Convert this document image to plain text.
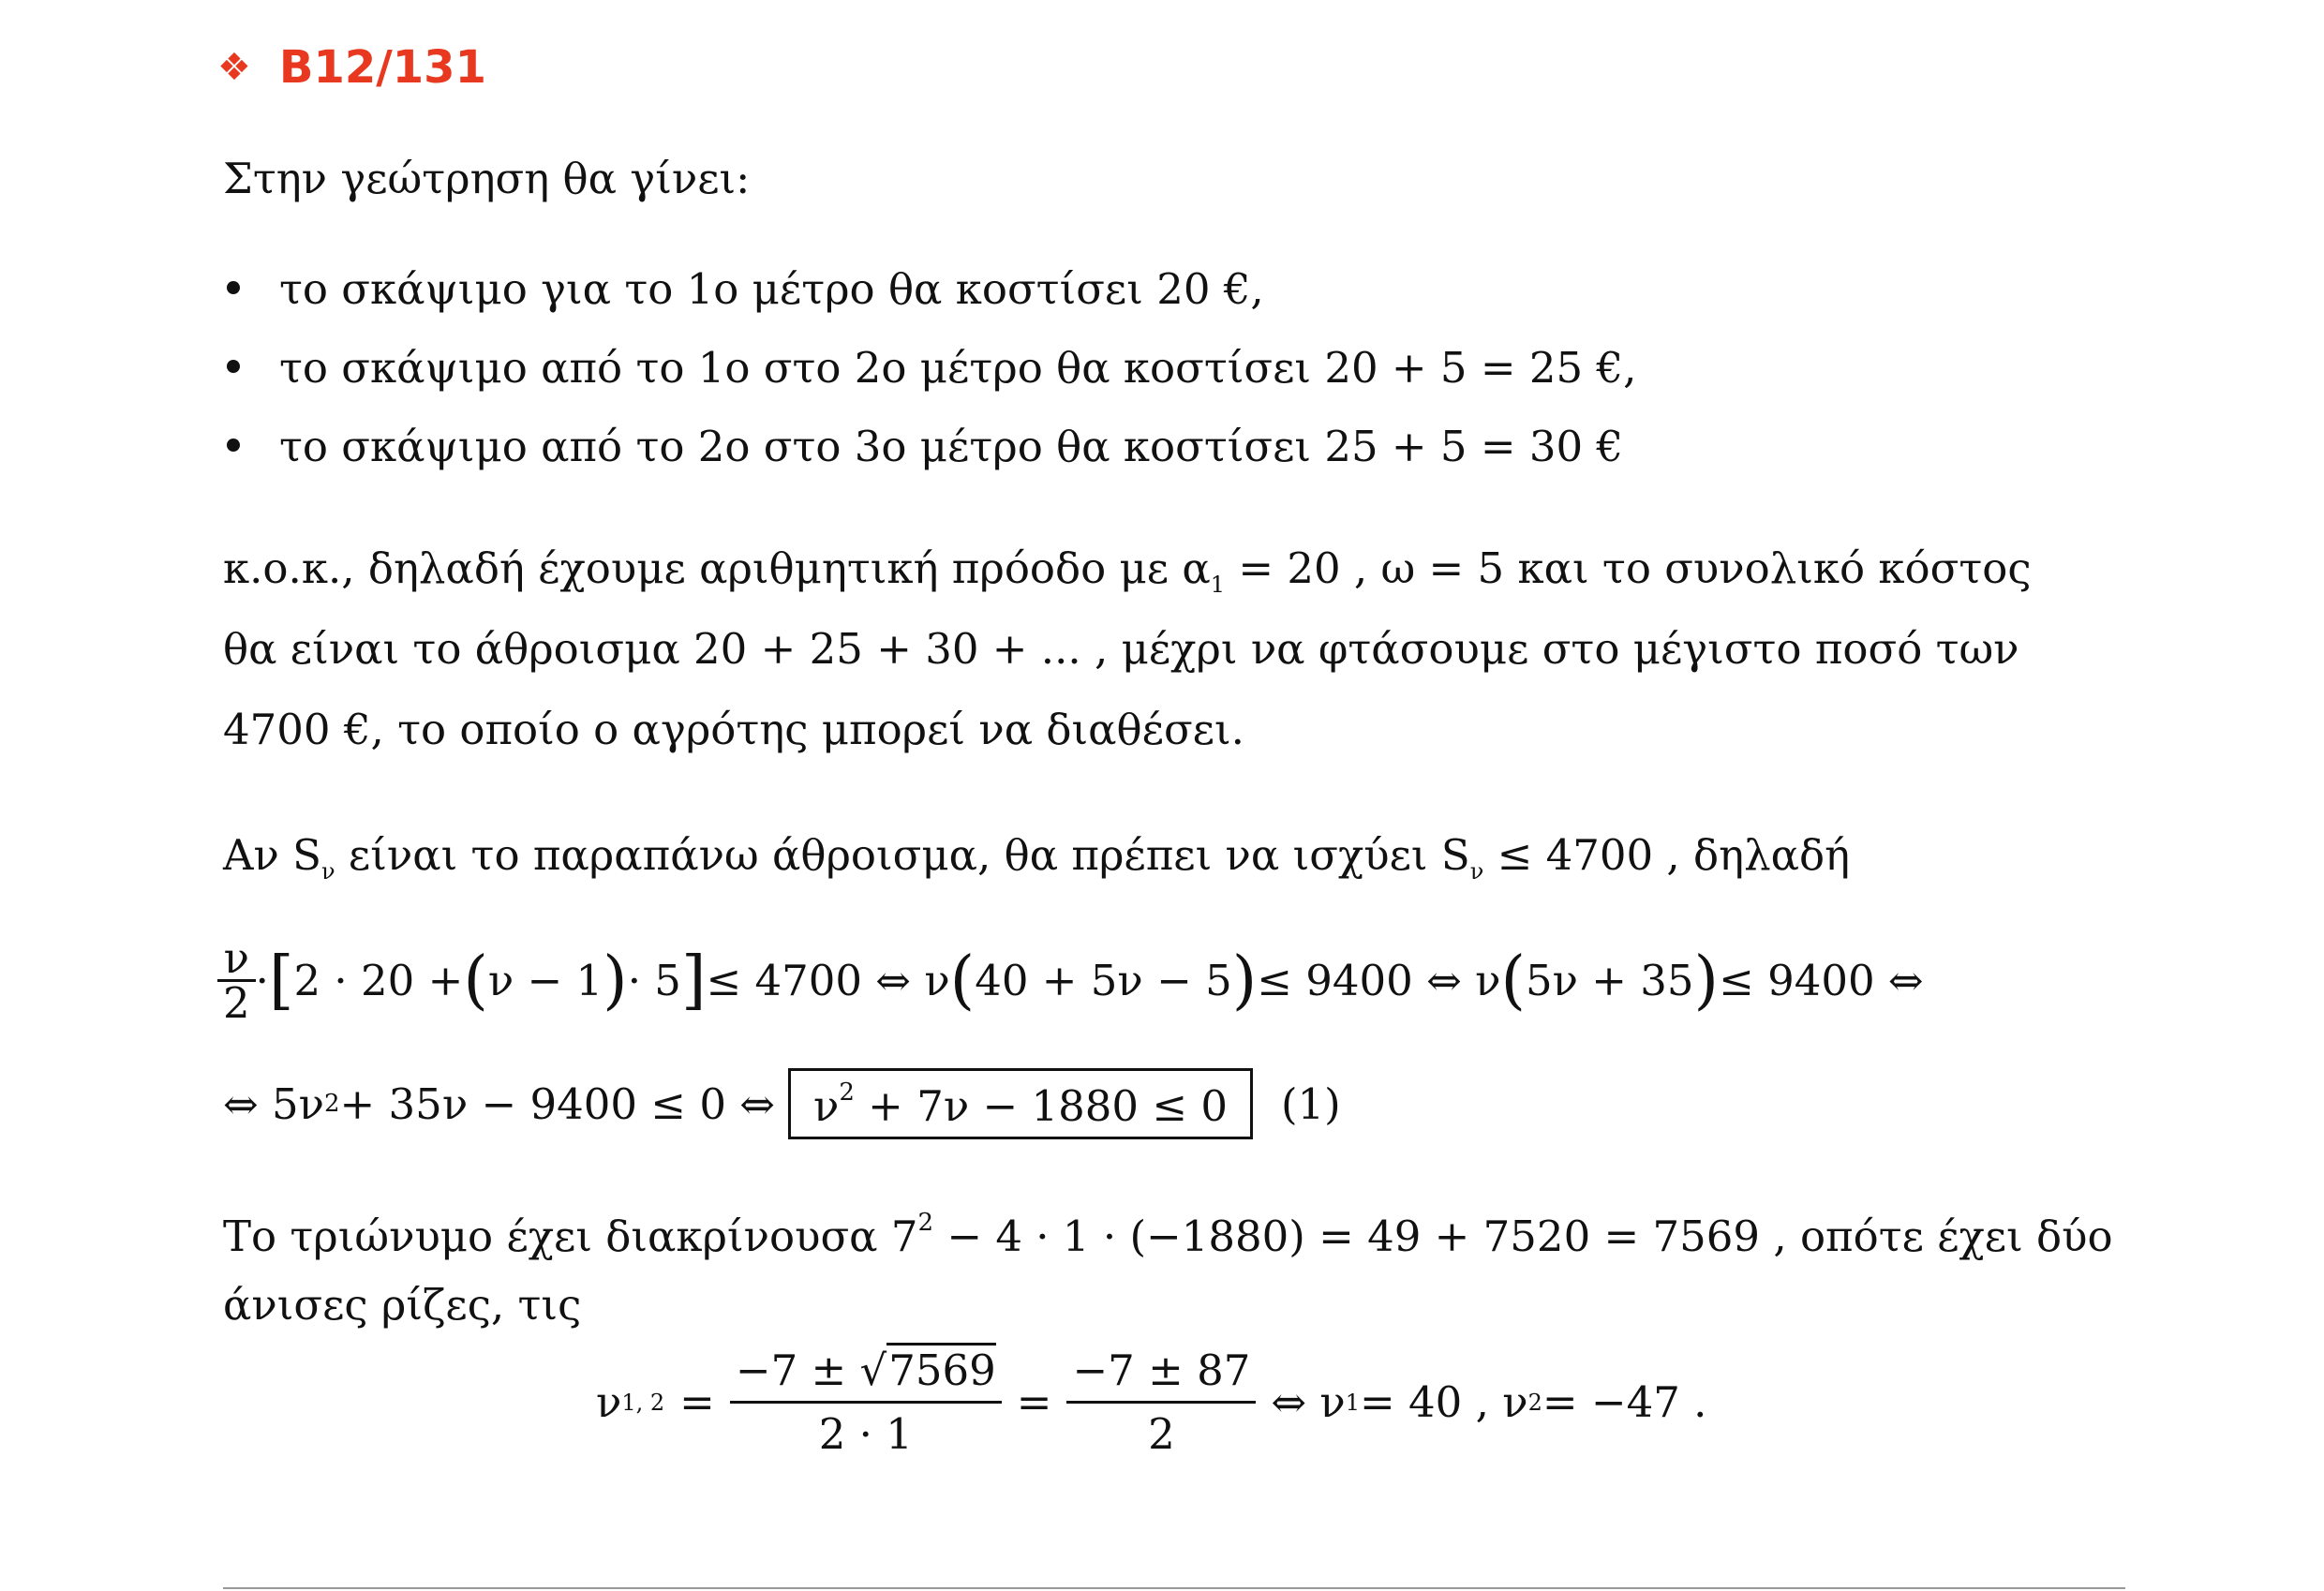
❖ B12/131
Στην γεώτρηση θα γίνει:
το σκάψιμο για το 1ο μέτρο θα κοστίσει 20 €,
το σκάψιμο από το 1ο στο 2ο μέτρο θα κοστίσει 20 + 5 = 25 €,
το σκάψιμο από το 2ο στο 3ο μέτρο θα κοστίσει 25 + 5 = 30 €
κ.ο.κ., δηλαδή έχουμε αριθμητική πρόοδο με $\alpha_1 = 20$ , ω = 5 και το συνολικό κόστος
θα είναι το άθροισμα 20 + 25 + 30 + ... , μέχρι να φτάσουμε στο μέγιστο ποσό των
4700 €, το οποίο ο αγρότης μπορεί να διαθέσει.
Αν $S_\nu$ είναι το παραπάνω άθροισμα, θα πρέπει να ισχύει $S_\nu \le 4700$ , δηλαδή
$\frac{\nu}{2}$ · [ 2 · 20 + ( ν − 1 ) · 5 ] ≤ 4700 ⇔ ν ( 40 + 5ν − 5 ) ≤ 9400 ⇔ ν ( 5ν + 35 ) ≤ 9400 ⇔
⇔ 5ν 2 + 35ν − 9400 ≤ 0 ⇔ $\nu^2 + 7\nu - 1880 \le 0$	(1)
Το τριώνυμο έχει διακρίνουσα $7^2 - 4 \cdot 1 \cdot (-1880) = 49 + 7520 = 7569$ , οπότε έχει δύο
άνισες ρίζες, τις
ν 1, $2 = \frac{-7 \pm √7569}{2 \cdot 1} = \frac{-7 \pm 87}{2}$ ⇔ ν 1 = 40 , ν 2 = −47 .
